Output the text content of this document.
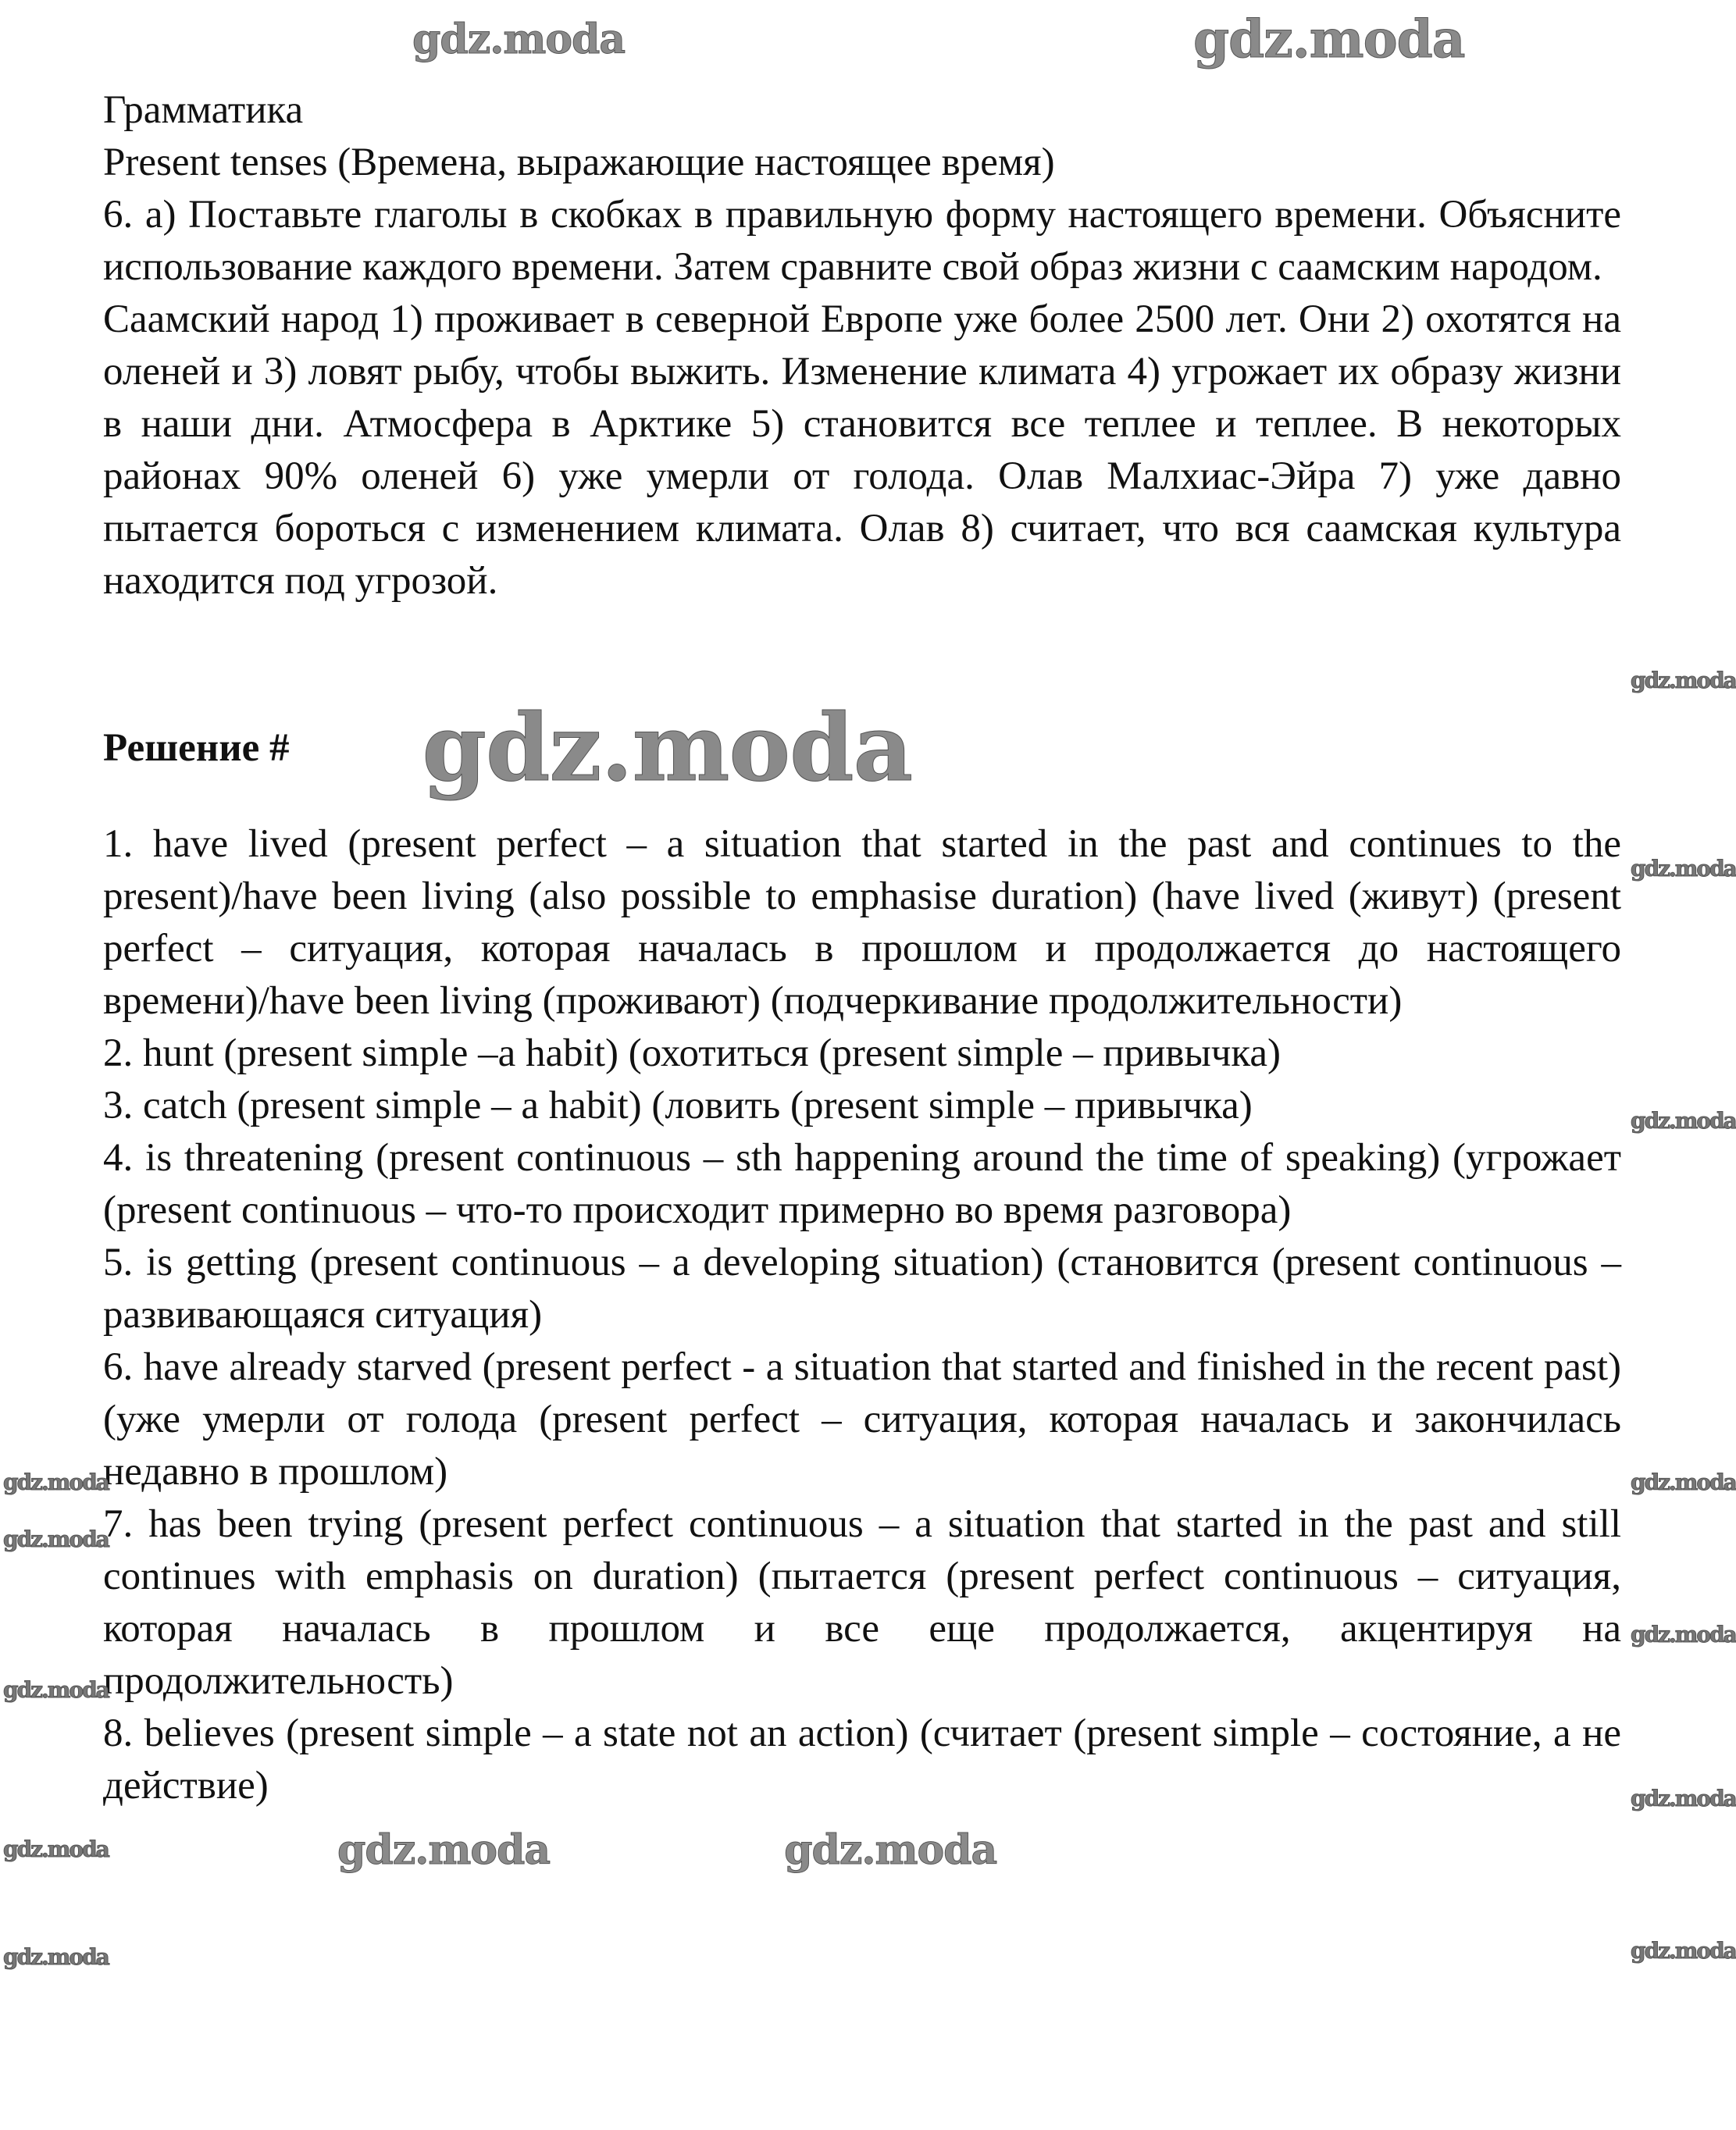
Грамматика

Present tenses (Времена, выражающие настоящее время)

6. а) Поставьте глаголы в скобках в правильную форму настоящего времени. Объясните использование каждого времени. Затем сравните свой образ жизни с саамским народом.

Саамский народ 1) проживает в северной Европе уже более 2500 лет. Они 2) охотятся на оленей и 3) ловят рыбу, чтобы выжить. Изменение климата 4) угрожает их образу жизни в наши дни. Атмосфера в Арктике 5) становится все теплее и теплее. В некоторых районах 90% оленей 6) уже умерли от голода. Олав Малхиас-Эйра 7) уже давно пытается бороться с изменением климата. Олав 8) считает, что вся саамская культура находится под угрозой.

Решение # gdz.moda

1. have lived (present perfect – a situation that started in the past and continues to the present)/have been living (also possible to emphasise duration) (have lived (живут) (present perfect – ситуация, которая началась в прошлом и продолжается до настоящего времени)/have been living (проживают) (подчеркивание продолжительности)

2. hunt (present simple –a habit) (охотиться (present simple – привычка)

3. catch (present simple – a habit) (ловить (present simple – привычка)

4. is threatening (present continuous – sth happening around the time of speaking) (угрожает (present continuous – что-то происходит примерно во время разговора)

5. is getting (present continuous – a developing situation) (становится (present continuous – развивающаяся ситуация)

6. have already starved (present perfect - a situation that started and finished in the recent past) (уже умерли от голода (present perfect – ситуация, которая началась и закончилась недавно в прошлом)

7. has been trying (present perfect continuous – a situation that started in the past and still continues with emphasis on duration) (пытается (present perfect continuous – ситуация, которая началась в прошлом и все еще продолжается, акцентируя на продолжительность)

8. believes (present simple – a state not an action) (считает (present simple – состояние, а не действие)

gdz.moda	gdz.moda
gdz.moda	gdz.moda
gdz.moda
gdz.moda
gdz.moda
gdz.moda
gdz.moda
gdz.moda
gdz.moda
gdz.moda
gdz.moda
gdz.moda
gdz.moda
gdz.moda
